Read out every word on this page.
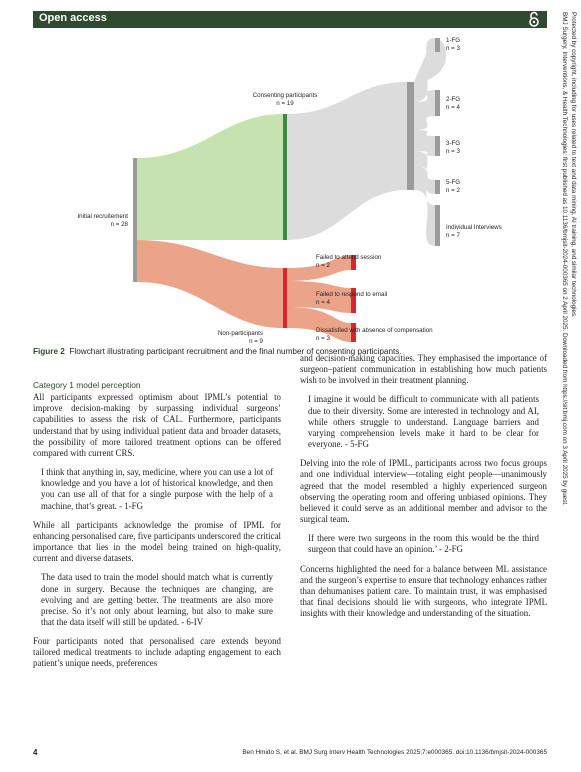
Open access	BMJ Surgery, Interventions, & Health Technologies: first published as 10.1136/bmjsit-2024-000365 on 2 April 2025. Downloaded from https://sit.bmj.com on 3 April 2025 by guest. Protected by copyright, including for uses related to text and data mining, AI training, and similar technologies.
Initial recruitement
n = 28
Consenting participants
n = 19
Non-participants
n = 9
1-FG
n = 3
2-FG
n = 4
3-FG
n = 3
5-FG
n = 2
Individual Interviews
n = 7
Failed to attend session
n = 2
Failed to respond to email
n = 4
Dissatisfied with absence of compensation
n = 3
Figure 2 Flowchart illustrating participant recruitment and the final number of consenting participants.
Category 1 model perception

All participants expressed optimism about IPML’s potential to improve decision-making by surpassing individual surgeons’ capabilities to assess the risk of CAL. Furthermore, participants understand that by using individual patient data and broader datasets, the possibility of more tailored treatment options can be offered compared with current CRS.

I think that anything in, say, medicine, where you can use a lot of knowledge and you have a lot of historical knowledge, and then you can use all of that for a single purpose with the help of a machine, that’s great. - 1-FG

While all participants acknowledge the promise of IPML for enhancing personalised care, five participants underscored the critical importance that lies in the model being trained on high-quality, current and diverse datasets.

The data used to train the model should match what is currently done in surgery. Because the techniques are changing, are evolving and are getting better. The treatments are also more precise. So it’s not only about learning, but also to make sure that the data itself will still be updated. - 6-IV

Four participants noted that personalised care extends beyond tailored medical treatments to include adapting engagement to each patient’s unique needs, preferences

and decision-making capacities. They emphasised the importance of surgeon–patient communication in establishing how much patients wish to be involved in their treatment planning.

I imagine it would be difficult to communicate with all patients due to their diversity. Some are interested in technology and AI, while others struggle to understand. Language barriers and varying comprehension levels make it hard to be clear for everyone. - 5-FG

Delving into the role of IPML, participants across two focus groups and one individual interview—totaling eight people—unanimously agreed that the model resembled a highly experienced surgeon observing the operating room and offering unbiased opinions. They believed it could serve as an additional member and advisor to the surgical team.

If there were two surgeons in the room this would be the third surgeon that could have an opinion.’ - 2-FG

Concerns highlighted the need for a balance between ML assistance and the surgeon’s expertise to ensure that technology enhances rather than dehumanises patient care. To maintain trust, it was emphasised that final decisions should lie with surgeons, who integrate IPML insights with their knowledge and understanding of the situation.

4	Ben Hmido S, et al. BMJ Surg Interv Health Technologies 2025;7:e000365. doi:10.1136/bmjsit-2024-000365
